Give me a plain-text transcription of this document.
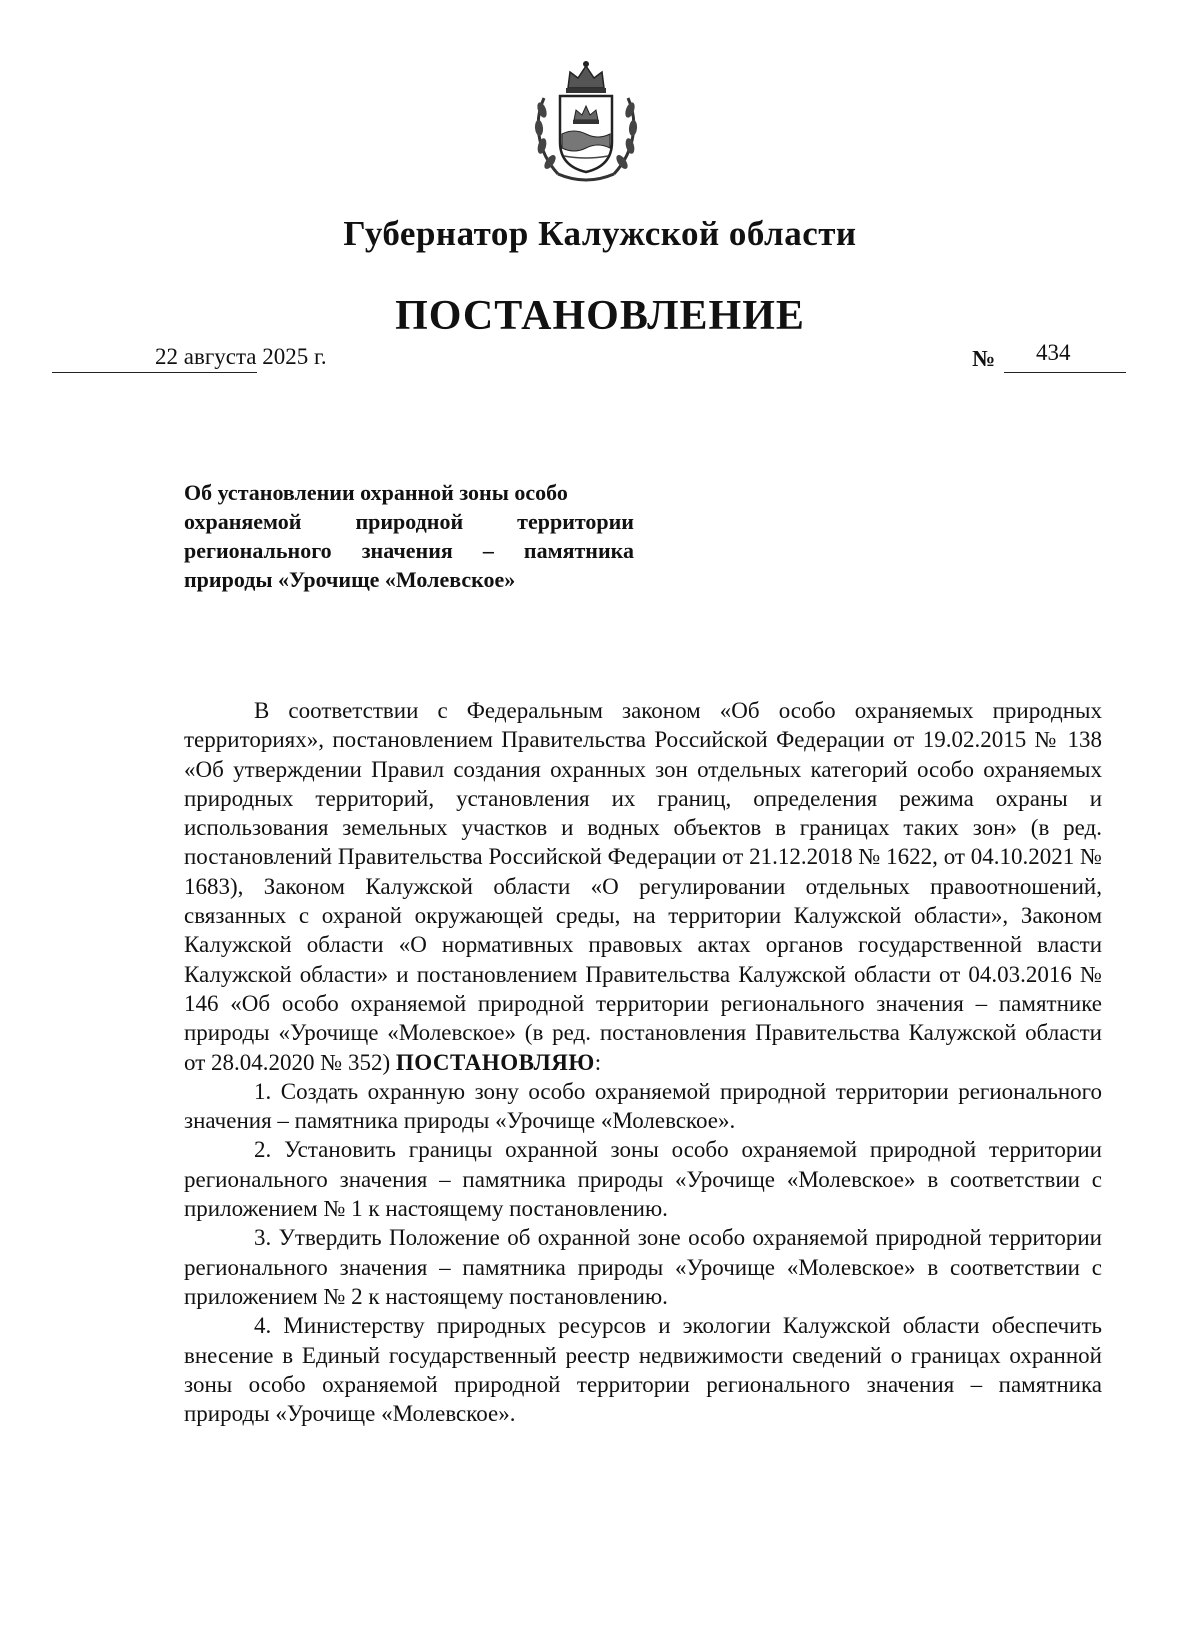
Губернатор Калужской области
ПОСТАНОВЛЕНИЕ
22 августа 2025 г.	№ 434
Об установлении охранной зоны особо
охраняемой природной территории
регионального значения – памятника
природы «Урочище «Молевское»

В соответствии с Федеральным законом «Об особо охраняемых природных территориях», постановлением Правительства Российской Федерации от 19.02.2015 № 138 «Об утверждении Правил создания охранных зон отдельных категорий особо охраняемых природных территорий, установления их границ, определения режима охраны и использования земельных участков и водных объектов в границах таких зон» (в ред. постановлений Правительства Российской Федерации от 21.12.2018 № 1622, от 04.10.2021 № 1683), Законом Калужской области «О регулировании отдельных правоотношений, связанных с охраной окружающей среды, на территории Калужской области», Законом Калужской области «О нормативных правовых актах органов государственной власти Калужской области» и постановлением Правительства Калужской области от 04.03.2016 № 146 «Об особо охраняемой природной территории регионального значения – памятнике природы «Урочище «Молевское» (в ред. постановления Правительства Калужской области от 28.04.2020 № 352) ПОСТАНОВЛЯЮ:

1. Создать охранную зону особо охраняемой природной территории регионального значения – памятника природы «Урочище «Молевское».

2. Установить границы охранной зоны особо охраняемой природной территории регионального значения – памятника природы «Урочище «Молевское» в соответствии с приложением № 1 к настоящему постановлению.

3. Утвердить Положение об охранной зоне особо охраняемой природной территории регионального значения – памятника природы «Урочище «Молевское» в соответствии с приложением № 2 к настоящему постановлению.

4. Министерству природных ресурсов и экологии Калужской области обеспечить внесение в Единый государственный реестр недвижимости сведений о границах охранной зоны особо охраняемой природной территории регионального значения – памятника природы «Урочище «Молевское».
